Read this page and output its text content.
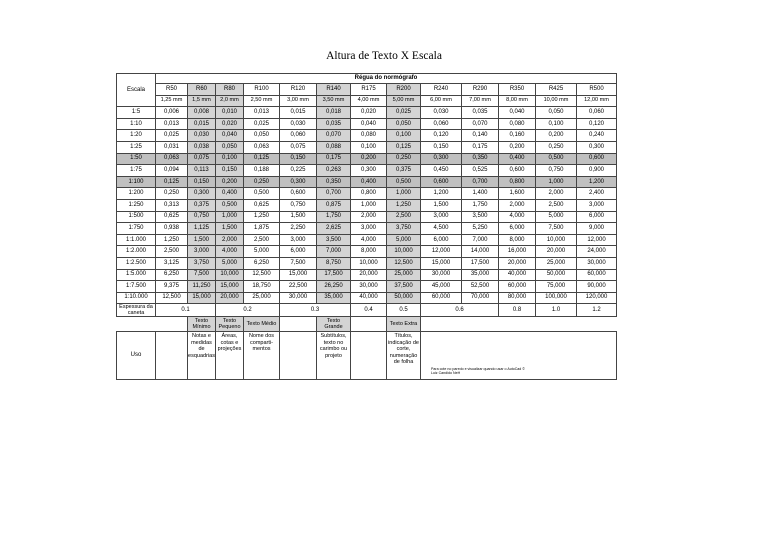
Altura de Texto X Escala
Escala	Régua do normógrafo												
	R50	R60	R80	R100	R120	R140	R175	R200	R240	R290	R350	R425	R500
	1,25 mm	1,5 mm	2,0 mm	2,50 mm	3,00 mm	3,50 mm	4,00 mm	5,00 mm	6,00 mm	7,00 mm	8,00 mm	10,00 mm	12,00 mm
1:5	0,006	0,008	0,010	0,013	0,015	0,018	0,020	0,025	0,030	0,035	0,040	0,050	0,060
1:10	0,013	0,015	0,020	0,025	0,030	0,035	0,040	0,050	0,060	0,070	0,080	0,100	0,120
1:20	0,025	0,030	0,040	0,050	0,060	0,070	0,080	0,100	0,120	0,140	0,160	0,200	0,240
1:25	0,031	0,038	0,050	0,063	0,075	0,088	0,100	0,125	0,150	0,175	0,200	0,250	0,300
1:50	0,063	0,075	0,100	0,125	0,150	0,175	0,200	0,250	0,300	0,350	0,400	0,500	0,600
1:75	0,094	0,113	0,150	0,188	0,225	0,263	0,300	0,375	0,450	0,525	0,600	0,750	0,900
1:100	0,125	0,150	0,200	0,250	0,300	0,350	0,400	0,500	0,600	0,700	0,800	1,000	1,200
1:200	0,250	0,300	0,400	0,500	0,600	0,700	0,800	1,000	1,200	1,400	1,600	2,000	2,400
1:250	0,313	0,375	0,500	0,625	0,750	0,875	1,000	1,250	1,500	1,750	2,000	2,500	3,000
1:500	0,625	0,750	1,000	1,250	1,500	1,750	2,000	2,500	3,000	3,500	4,000	5,000	6,000
1:750	0,938	1,125	1,500	1,875	2,250	2,625	3,000	3,750	4,500	5,250	6,000	7,500	9,000
1:1.000	1,250	1,500	2,000	2,500	3,000	3,500	4,000	5,000	6,000	7,000	8,000	10,000	12,000
1:2.000	2,500	3,000	4,000	5,000	6,000	7,000	8,000	10,000	12,000	14,000	16,000	20,000	24,000
1:2.500	3,125	3,750	5,000	6,250	7,500	8,750	10,000	12,500	15,000	17,500	20,000	25,000	30,000
1:5.000	6,250	7,500	10,000	12,500	15,000	17,500	20,000	25,000	30,000	35,000	40,000	50,000	60,000
1:7.500	9,375	11,250	15,000	18,750	22,500	26,250	30,000	37,500	45,000	52,500	60,000	75,000	90,000
1:10.000	12,500	15,000	20,000	25,000	30,000	35,000	40,000	50,000	60,000	70,000	80,000	100,000	120,000
Espessura da caneta	0.1		0.2		0.3		0.4	0.5	0.6		0.8	1.0	1.2
		Texto Mínimo	Texto Pequeno	Texto Médio		Texto Grande		Texto Extra					
Uso		Notas e medidas de esquadrias	Áreas, cotas e projeções	Nome dos comparti- mentos		Subtítulos, texto no carimbo ou projeto		Títulos, indicação de corte, numeração de folha	Para cote no paredo e visualizar quando usar o AutoCad ©
Luiz Candido NeH				
